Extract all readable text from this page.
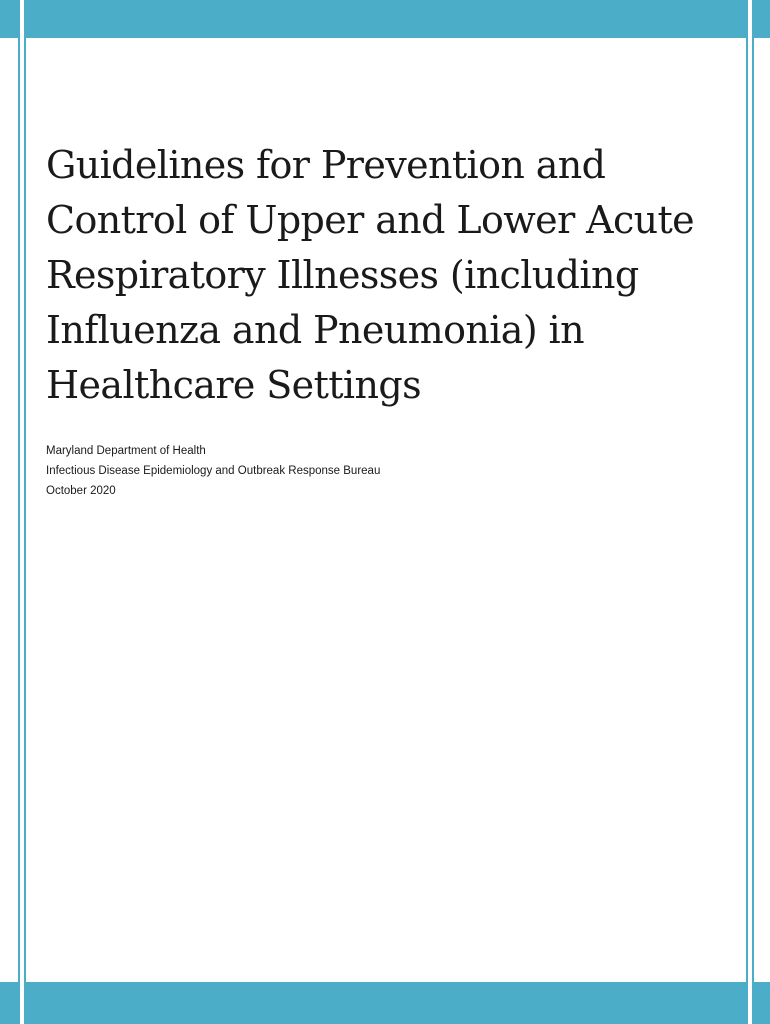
Guidelines for Prevention and
Control of Upper and Lower Acute
Respiratory Illnesses (including
Influenza and Pneumonia) in
Healthcare Settings
Maryland Department of Health
Infectious Disease Epidemiology and Outbreak Response Bureau
October 2020
